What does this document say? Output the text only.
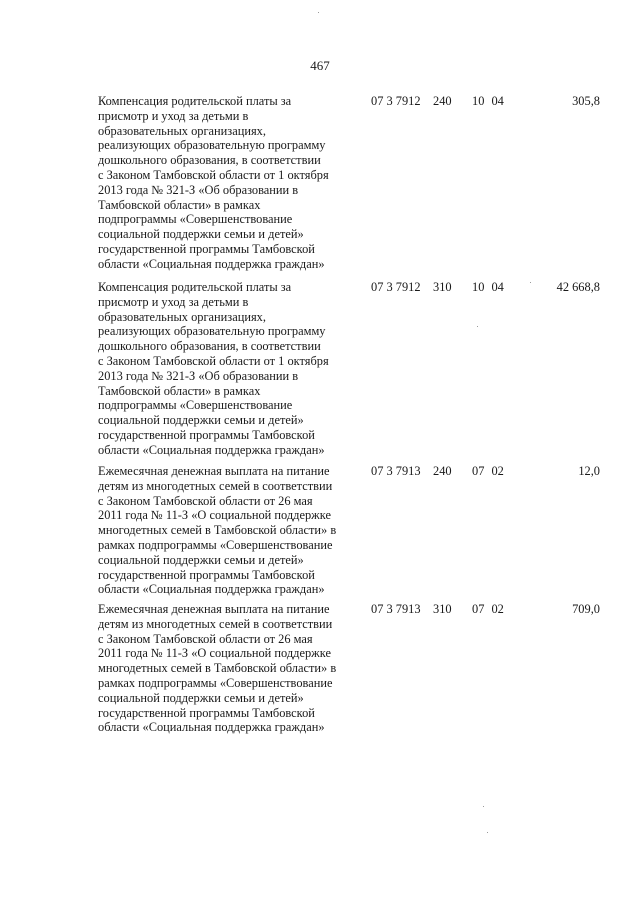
467
Компенсация родительской платы за
присмотр и уход за детьми в
образовательных организациях,
реализующих образовательную программу
дошкольного образования, в соответствии
с Законом Тамбовской области от 1 октября
2013 года № 321-З «Об образовании в
Тамбовской области» в рамках
подпрограммы «Совершенствование
социальной поддержки семьи и детей»
государственной программы Тамбовской
области «Социальная поддержка граждан»
07 3 7912 240 10 04	305,8
Компенсация родительской платы за
присмотр и уход за детьми в
образовательных организациях,
реализующих образовательную программу
дошкольного образования, в соответствии
с Законом Тамбовской области от 1 октября
2013 года № 321-З «Об образовании в
Тамбовской области» в рамках
подпрограммы «Совершенствование
социальной поддержки семьи и детей»
государственной программы Тамбовской
области «Социальная поддержка граждан»
07 3 7912 310 10 04	42 668,8
Ежемесячная денежная выплата на питание
детям из многодетных семей в соответствии
с Законом Тамбовской области от 26 мая
2011 года № 11-З «О социальной поддержке
многодетных семей в Тамбовской области» в
рамках подпрограммы «Совершенствование
социальной поддержки семьи и детей»
государственной программы Тамбовской
области «Социальная поддержка граждан»
07 3 7913 240 07 02	12,0
Ежемесячная денежная выплата на питание
детям из многодетных семей в соответствии
с Законом Тамбовской области от 26 мая
2011 года № 11-З «О социальной поддержке
многодетных семей в Тамбовской области» в
рамках подпрограммы «Совершенствование
социальной поддержки семьи и детей»
государственной программы Тамбовской
области «Социальная поддержка граждан»
07 3 7913 310 07 02	709,0
